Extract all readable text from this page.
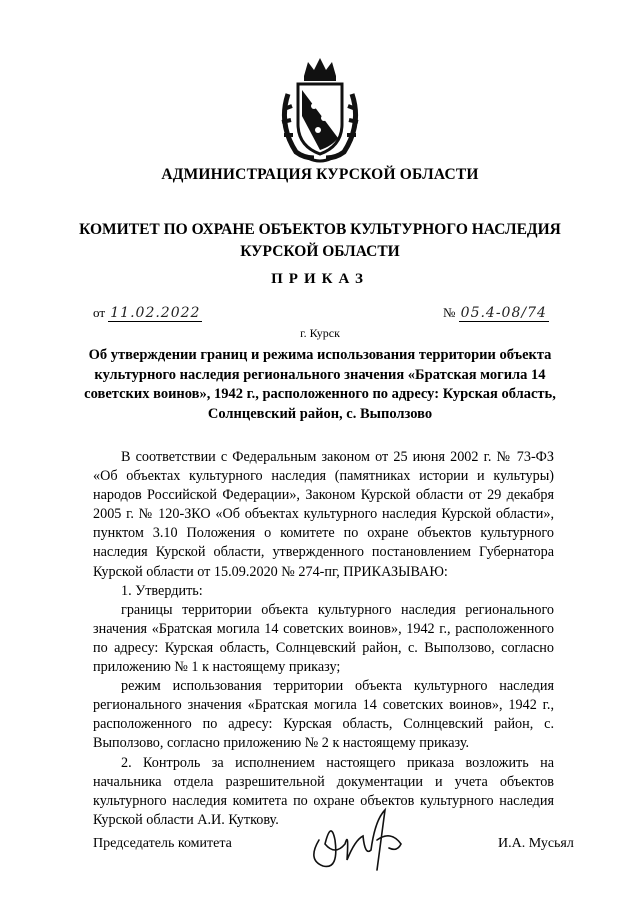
АДМИНИСТРАЦИЯ КУРСКОЙ ОБЛАСТИ
КОМИТЕТ ПО ОХРАНЕ ОБЪЕКТОВ КУЛЬТУРНОГО НАСЛЕДИЯ
КУРСКОЙ ОБЛАСТИ
ПРИКАЗ
от 11.02.2022	№ 05.4-08/74
г. Курск
Об утверждении границ и режима использования территории объекта культурного наследия регионального значения «Братская могила 14 советских воинов», 1942 г., расположенного по адресу: Курская область, Солнцевский район, с. Выползово

В соответствии с Федеральным законом от 25 июня 2002 г. № 73-ФЗ «Об объектах культурного наследия (памятниках истории и культуры) народов Российской Федерации», Законом Курской области от 29 декабря 2005 г. № 120-ЗКО «Об объектах культурного наследия Курской области», пунктом 3.10 Положения о комитете по охране объектов культурного наследия Курской области, утвержденного постановлением Губернатора Курской области от 15.09.2020 № 274-пг, ПРИКАЗЫВАЮ:

1. Утвердить:

границы территории объекта культурного наследия регионального значения «Братская могила 14 советских воинов», 1942 г., расположенного по адресу: Курская область, Солнцевский район, с. Выползово, согласно приложению № 1 к настоящему приказу;

режим использования территории объекта культурного наследия регионального значения «Братская могила 14 советских воинов», 1942 г., расположенного по адресу: Курская область, Солнцевский район, с. Выползово, согласно приложению № 2 к настоящему приказу.

2. Контроль за исполнением настоящего приказа возложить на начальника отдела разрешительной документации и учета объектов культурного наследия комитета по охране объектов культурного наследия Курской области А.И. Куткову.

Председатель комитета	И.А. Мусьял
